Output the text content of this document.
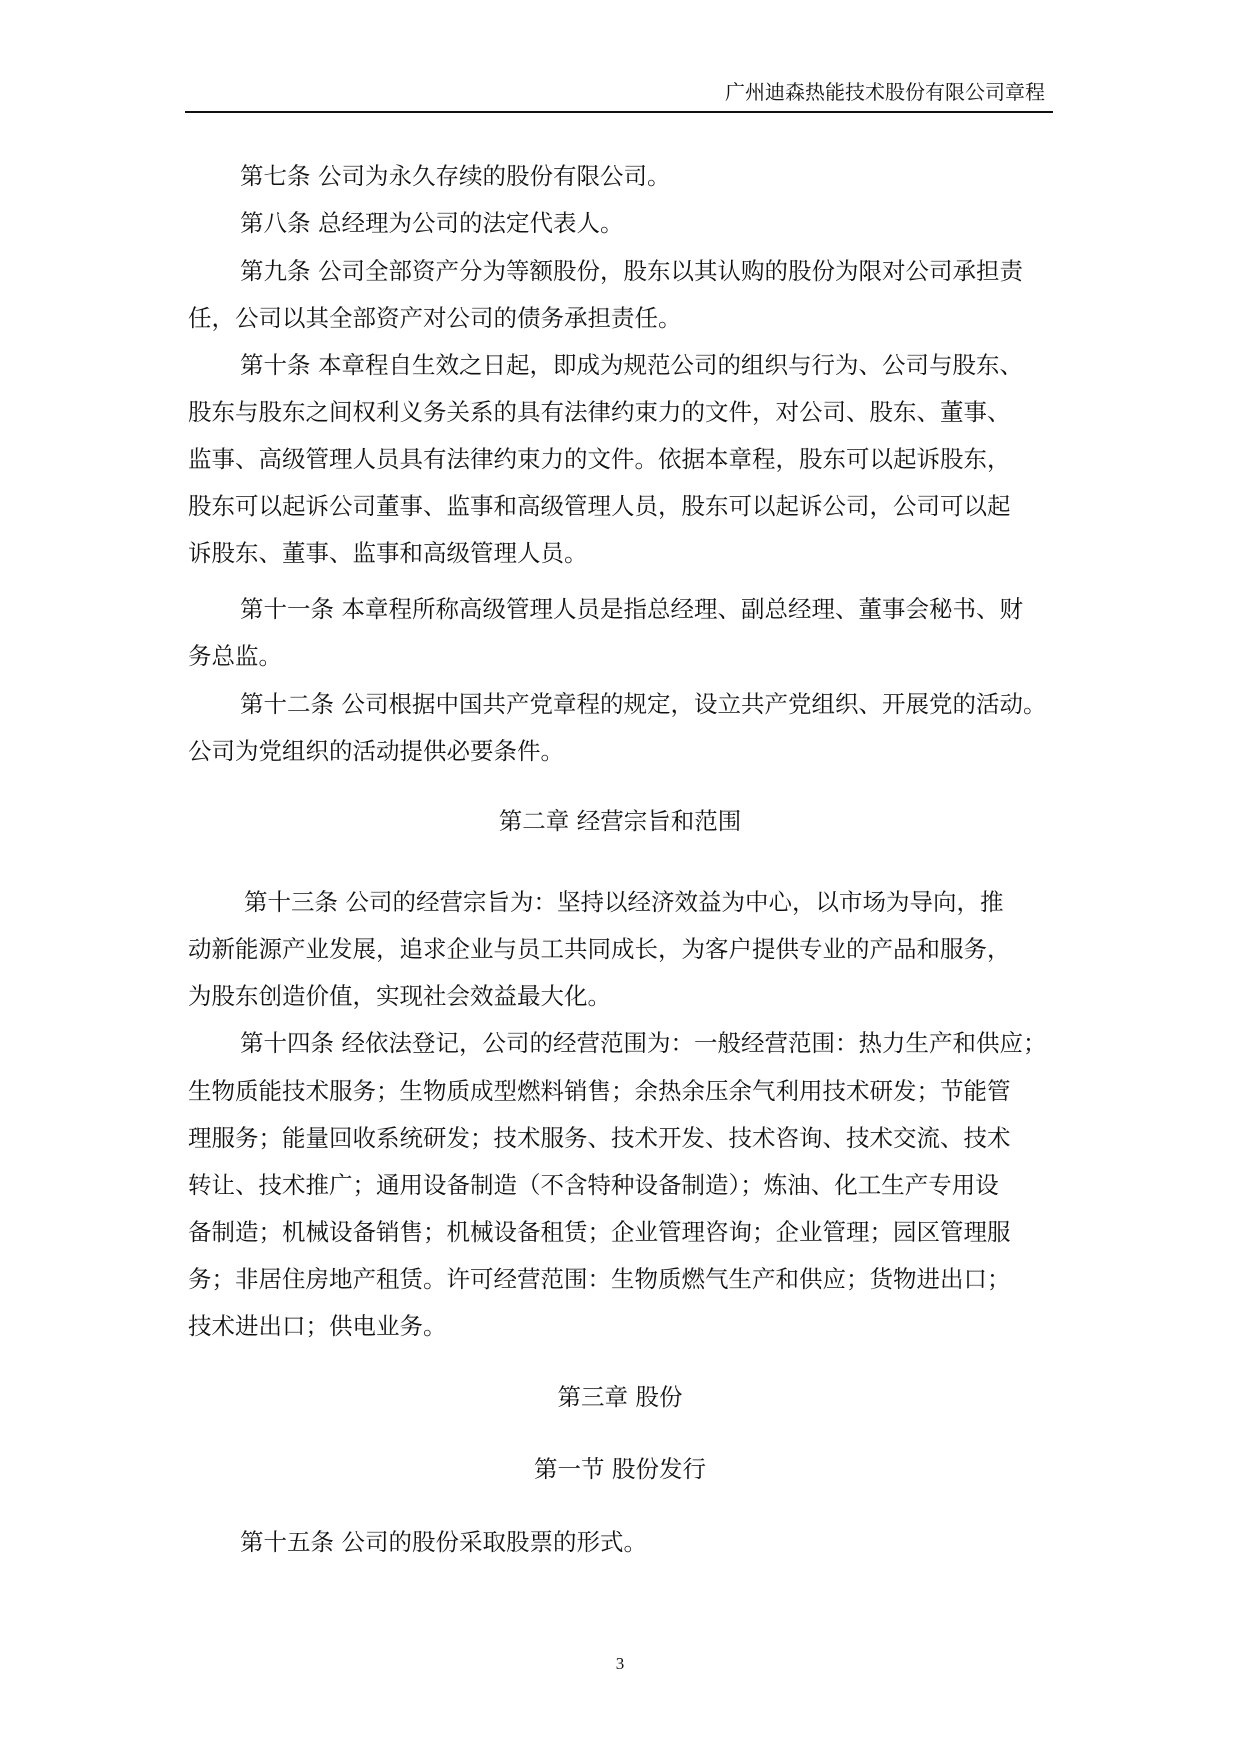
广州迪森热能技术股份有限公司章程
第七条 公司为永久存续的股份有限公司。
第八条 总经理为公司的法定代表人。
第九条 公司全部资产分为等额股份，股东以其认购的股份为限对公司承担责
任，公司以其全部资产对公司的债务承担责任。
第十条 本章程自生效之日起，即成为规范公司的组织与行为、公司与股东、
股东与股东之间权利义务关系的具有法律约束力的文件，对公司、股东、董事、
监事、高级管理人员具有法律约束力的文件。依据本章程，股东可以起诉股东，
股东可以起诉公司董事、监事和高级管理人员，股东可以起诉公司，公司可以起
诉股东、董事、监事和高级管理人员。
第十一条 本章程所称高级管理人员是指总经理、副总经理、董事会秘书、财
务总监。
第十二条 公司根据中国共产党章程的规定，设立共产党组织、开展党的活动。
公司为党组织的活动提供必要条件。
第二章 经营宗旨和范围
第十三条 公司的经营宗旨为：坚持以经济效益为中心，以市场为导向，推
动新能源产业发展，追求企业与员工共同成长，为客户提供专业的产品和服务，
为股东创造价值，实现社会效益最大化。
第十四条 经依法登记，公司的经营范围为：一般经营范围：热力生产和供应；
生物质能技术服务；生物质成型燃料销售；余热余压余气利用技术研发；节能管
理服务；能量回收系统研发；技术服务、技术开发、技术咨询、技术交流、技术
转让、技术推广；通用设备制造（不含特种设备制造）；炼油、化工生产专用设
备制造；机械设备销售；机械设备租赁；企业管理咨询；企业管理；园区管理服
务；非居住房地产租赁。许可经营范围：生物质燃气生产和供应；货物进出口；
技术进出口；供电业务。
第三章 股份
第一节 股份发行
第十五条 公司的股份采取股票的形式。
3
